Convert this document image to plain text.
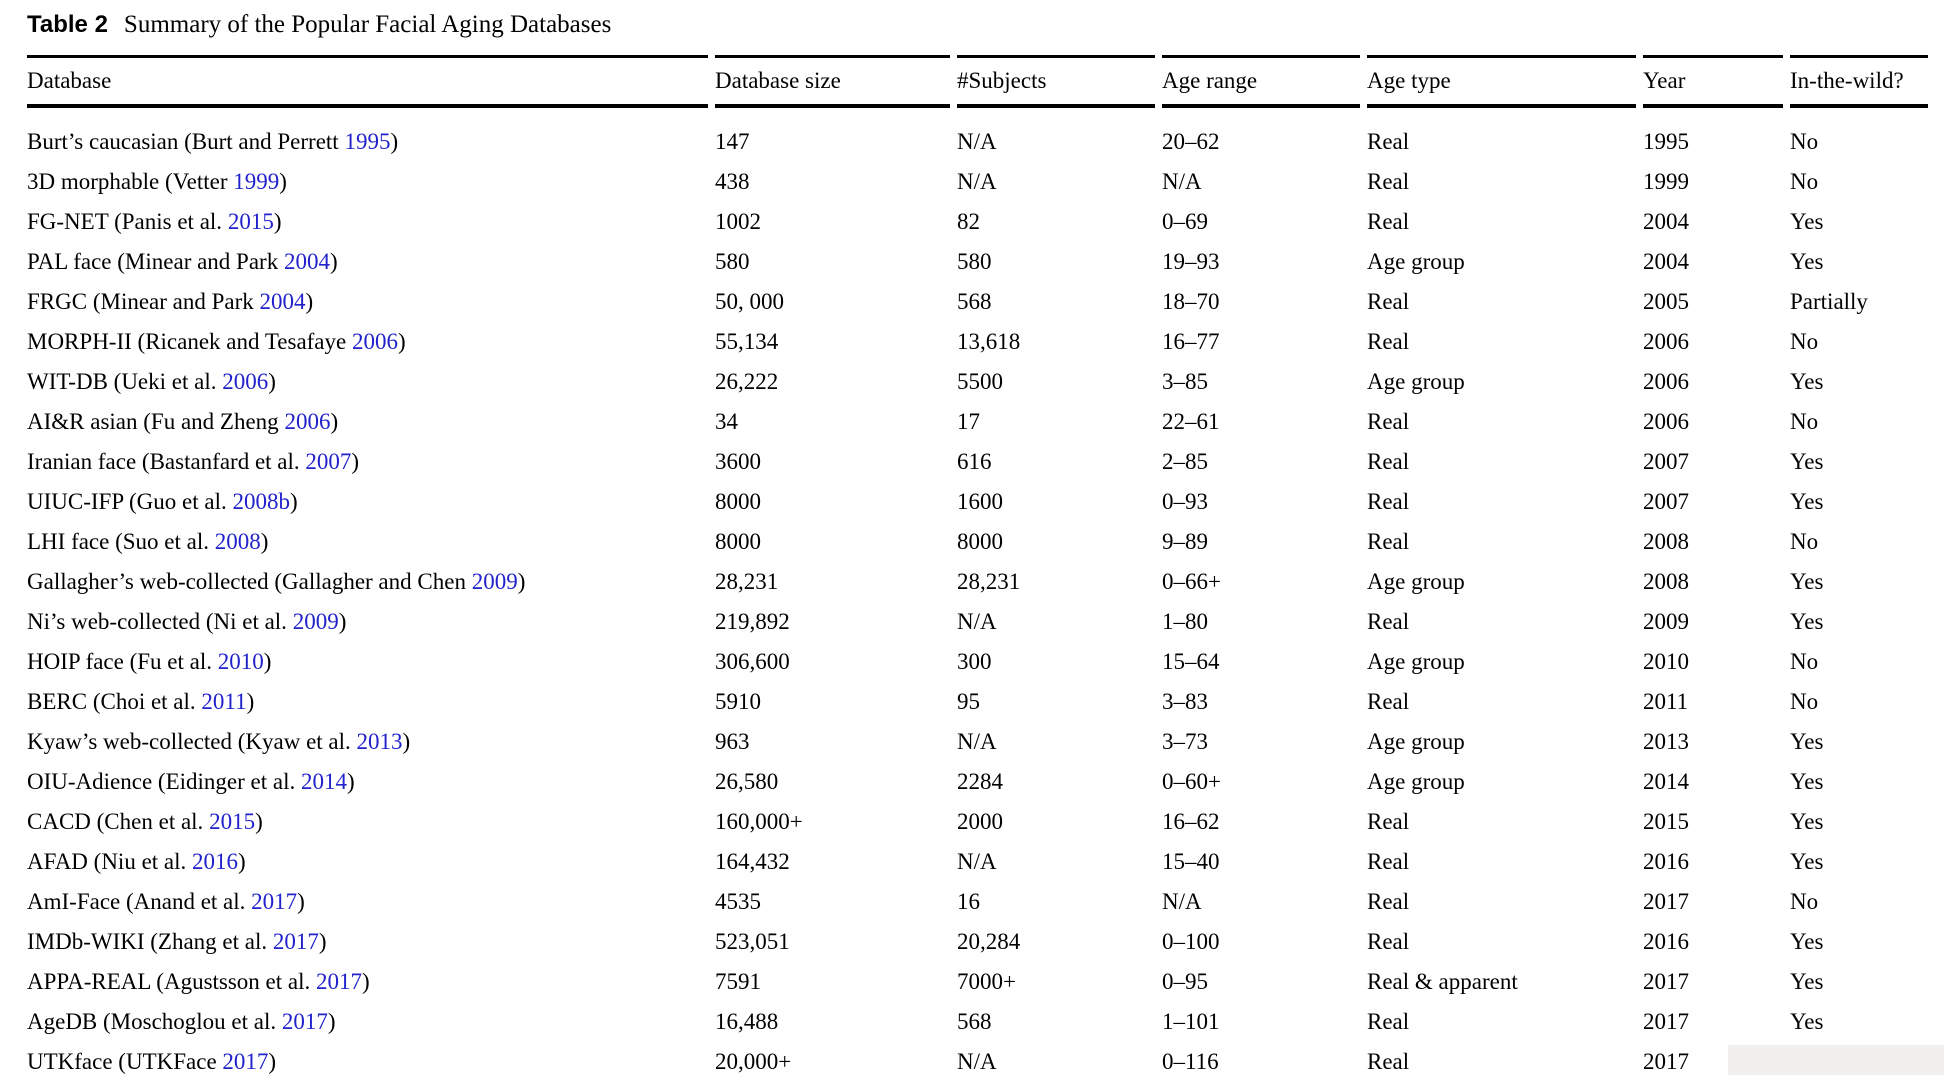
Table 2 Summary of the Popular Facial Aging Databases
Database	Database size	#Subjects	Age range	Age type	Year	In-the-wild?
Burt’s caucasian (Burt and Perrett 1995)	147	N/A	20–62	Real	1995	No
3D morphable (Vetter 1999)	438	N/A	N/A	Real	1999	No
FG-NET (Panis et al. 2015)	1002	82	0–69	Real	2004	Yes
PAL face (Minear and Park 2004)	580	580	19–93	Age group	2004	Yes
FRGC (Minear and Park 2004)	50, 000	568	18–70	Real	2005	Partially
MORPH-II (Ricanek and Tesafaye 2006)	55,134	13,618	16–77	Real	2006	No
WIT-DB (Ueki et al. 2006)	26,222	5500	3–85	Age group	2006	Yes
AI&R asian (Fu and Zheng 2006)	34	17	22–61	Real	2006	No
Iranian face (Bastanfard et al. 2007)	3600	616	2–85	Real	2007	Yes
UIUC-IFP (Guo et al. 2008b)	8000	1600	0–93	Real	2007	Yes
LHI face (Suo et al. 2008)	8000	8000	9–89	Real	2008	No
Gallagher’s web-collected (Gallagher and Chen 2009)	28,231	28,231	0–66+	Age group	2008	Yes
Ni’s web-collected (Ni et al. 2009)	219,892	N/A	1–80	Real	2009	Yes
HOIP face (Fu et al. 2010)	306,600	300	15–64	Age group	2010	No
BERC (Choi et al. 2011)	5910	95	3–83	Real	2011	No
Kyaw’s web-collected (Kyaw et al. 2013)	963	N/A	3–73	Age group	2013	Yes
OIU-Adience (Eidinger et al. 2014)	26,580	2284	0–60+	Age group	2014	Yes
CACD (Chen et al. 2015)	160,000+	2000	16–62	Real	2015	Yes
AFAD (Niu et al. 2016)	164,432	N/A	15–40	Real	2016	Yes
AmI-Face (Anand et al. 2017)	4535	16	N/A	Real	2017	No
IMDb-WIKI (Zhang et al. 2017)	523,051	20,284	0–100	Real	2016	Yes
APPA-REAL (Agustsson et al. 2017)	7591	7000+	0–95	Real & apparent	2017	Yes
AgeDB (Moschoglou et al. 2017)	16,488	568	1–101	Real	2017	Yes
UTKface (UTKFace 2017)	20,000+	N/A	0–116	Real	2017	
